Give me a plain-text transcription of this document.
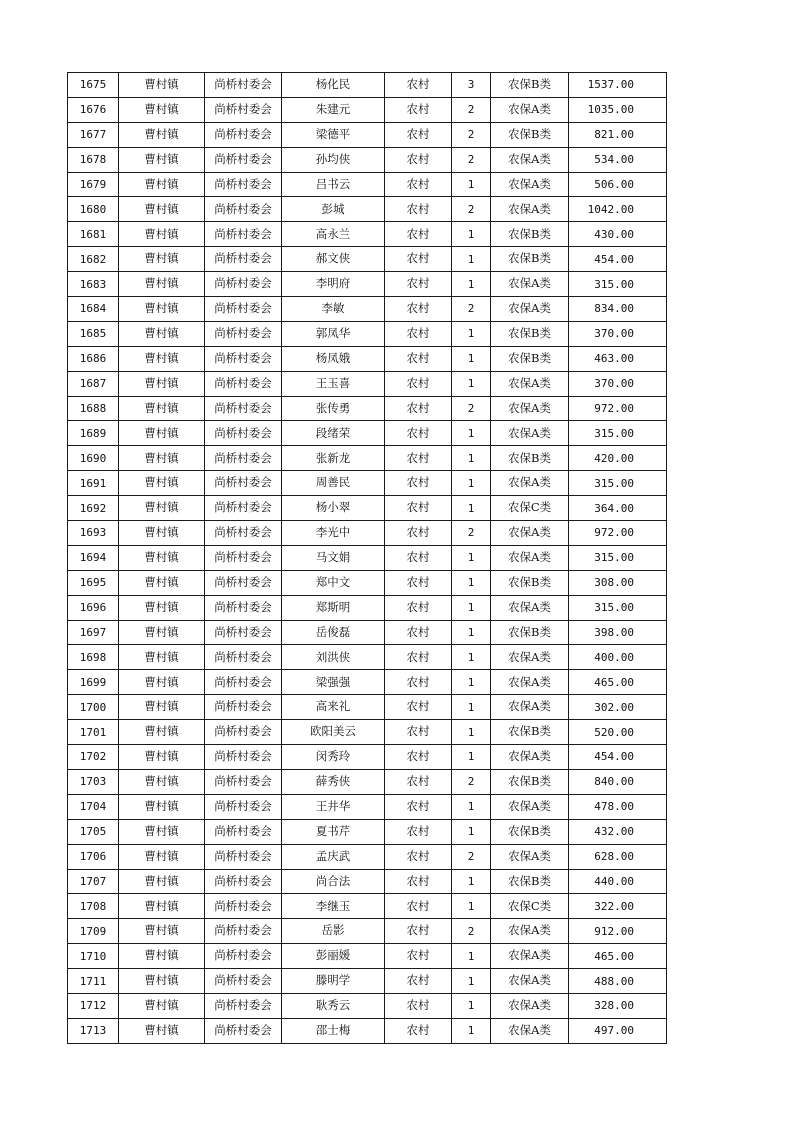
1675	曹村镇	尚桥村委会	杨化民	农村	3	农保B类	1537.00
1676	曹村镇	尚桥村委会	朱建元	农村	2	农保A类	1035.00
1677	曹村镇	尚桥村委会	梁德平	农村	2	农保B类	821.00
1678	曹村镇	尚桥村委会	孙均侠	农村	2	农保A类	534.00
1679	曹村镇	尚桥村委会	吕书云	农村	1	农保A类	506.00
1680	曹村镇	尚桥村委会	彭城	农村	2	农保A类	1042.00
1681	曹村镇	尚桥村委会	高永兰	农村	1	农保B类	430.00
1682	曹村镇	尚桥村委会	郝文侠	农村	1	农保B类	454.00
1683	曹村镇	尚桥村委会	李明府	农村	1	农保A类	315.00
1684	曹村镇	尚桥村委会	李敏	农村	2	农保A类	834.00
1685	曹村镇	尚桥村委会	郭凤华	农村	1	农保B类	370.00
1686	曹村镇	尚桥村委会	杨凤娥	农村	1	农保B类	463.00
1687	曹村镇	尚桥村委会	王玉喜	农村	1	农保A类	370.00
1688	曹村镇	尚桥村委会	张传勇	农村	2	农保A类	972.00
1689	曹村镇	尚桥村委会	段绪荣	农村	1	农保A类	315.00
1690	曹村镇	尚桥村委会	张新龙	农村	1	农保B类	420.00
1691	曹村镇	尚桥村委会	周善民	农村	1	农保A类	315.00
1692	曹村镇	尚桥村委会	杨小翠	农村	1	农保C类	364.00
1693	曹村镇	尚桥村委会	李光中	农村	2	农保A类	972.00
1694	曹村镇	尚桥村委会	马文娟	农村	1	农保A类	315.00
1695	曹村镇	尚桥村委会	郑中文	农村	1	农保B类	308.00
1696	曹村镇	尚桥村委会	郑斯明	农村	1	农保A类	315.00
1697	曹村镇	尚桥村委会	岳俊磊	农村	1	农保B类	398.00
1698	曹村镇	尚桥村委会	刘洪侠	农村	1	农保A类	400.00
1699	曹村镇	尚桥村委会	梁强强	农村	1	农保A类	465.00
1700	曹村镇	尚桥村委会	高来礼	农村	1	农保A类	302.00
1701	曹村镇	尚桥村委会	欧阳美云	农村	1	农保B类	520.00
1702	曹村镇	尚桥村委会	闵秀玲	农村	1	农保A类	454.00
1703	曹村镇	尚桥村委会	薛秀侠	农村	2	农保B类	840.00
1704	曹村镇	尚桥村委会	王井华	农村	1	农保A类	478.00
1705	曹村镇	尚桥村委会	夏书芹	农村	1	农保B类	432.00
1706	曹村镇	尚桥村委会	孟庆武	农村	2	农保A类	628.00
1707	曹村镇	尚桥村委会	尚合法	农村	1	农保B类	440.00
1708	曹村镇	尚桥村委会	李继玉	农村	1	农保C类	322.00
1709	曹村镇	尚桥村委会	岳影	农村	2	农保A类	912.00
1710	曹村镇	尚桥村委会	彭丽媛	农村	1	农保A类	465.00
1711	曹村镇	尚桥村委会	滕明学	农村	1	农保A类	488.00
1712	曹村镇	尚桥村委会	耿秀云	农村	1	农保A类	328.00
1713	曹村镇	尚桥村委会	邵士梅	农村	1	农保A类	497.00
